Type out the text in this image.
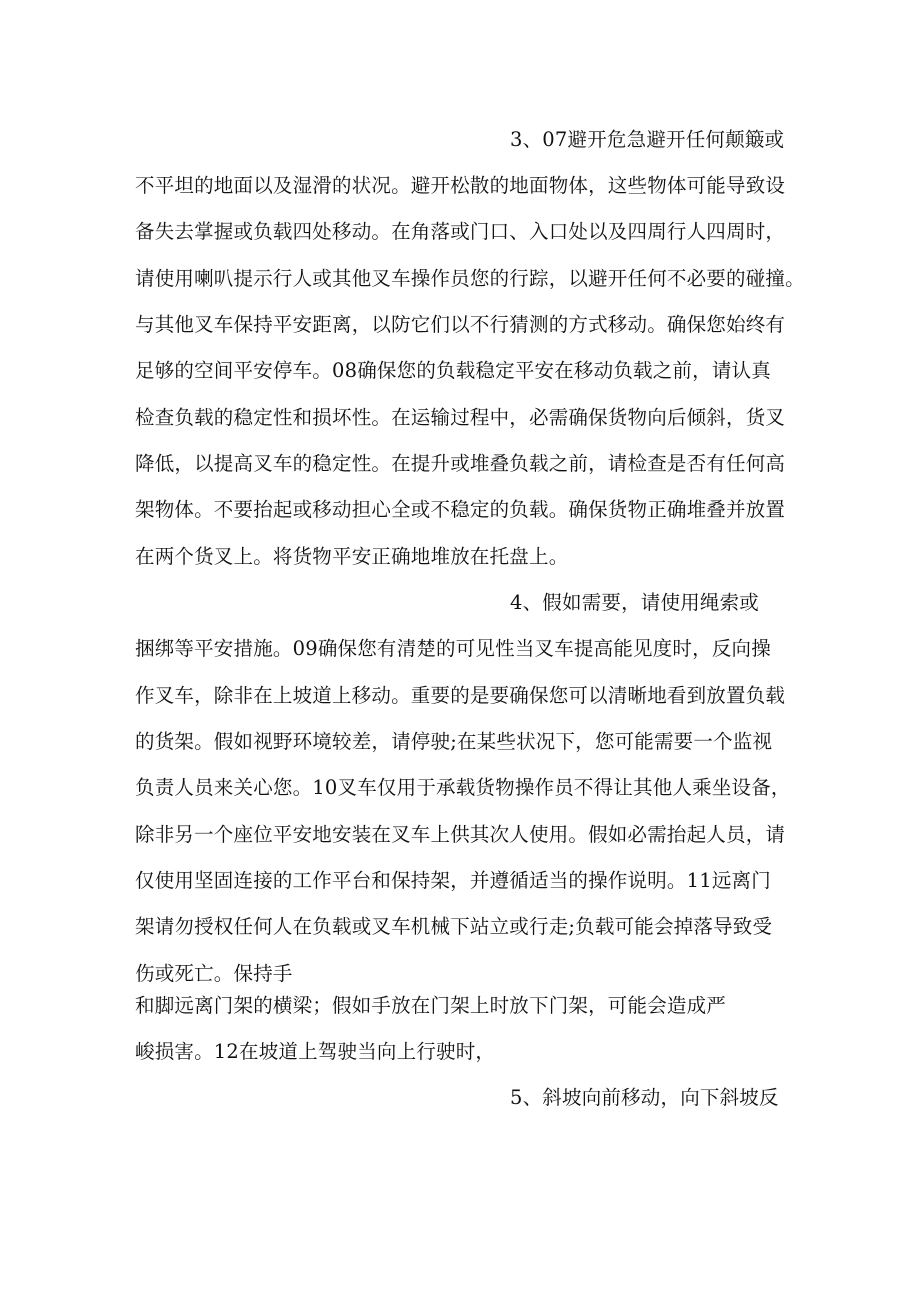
3、07避开危急避开任何颠簸或
不平坦的地面以及湿滑的状况。避开松散的地面物体，这些物体可能导致设
备失去掌握或负载四处移动。在角落或门口、入口处以及四周行人四周时，
请使用喇叭提示行人或其他叉车操作员您的行踪，以避开任何不必要的碰撞。
与其他叉车保持平安距离，以防它们以不行猜测的方式移动。确保您始终有
足够的空间平安停车。08确保您的负载稳定平安在移动负载之前，请认真
检查负载的稳定性和损坏性。在运输过程中，必需确保货物向后倾斜，货叉
降低，以提高叉车的稳定性。在提升或堆叠负载之前，请检查是否有任何高
架物体。不要抬起或移动担心全或不稳定的负载。确保货物正确堆叠并放置
在两个货叉上。将货物平安正确地堆放在托盘上。
4、假如需要，请使用绳索或
捆绑等平安措施。09确保您有清楚的可见性当叉车提高能见度时，反向操
作叉车，除非在上坡道上移动。重要的是要确保您可以清晰地看到放置负载
的货架。假如视野环境较差，请停驶;在某些状况下，您可能需要一个监视
负责人员来关心您。10叉车仅用于承载货物操作员不得让其他人乘坐设备，
除非另一个座位平安地安装在叉车上供其次人使用。假如必需抬起人员，请
仅使用坚固连接的工作平台和保持架，并遵循适当的操作说明。11远离门
架请勿授权任何人在负载或叉车机械下站立或行走;负载可能会掉落导致受
伤或死亡。保持手
和脚远离门架的横梁；假如手放在门架上时放下门架，可能会造成严
峻损害。12在坡道上驾驶当向上行驶时，
5、斜坡向前移动，向下斜坡反
